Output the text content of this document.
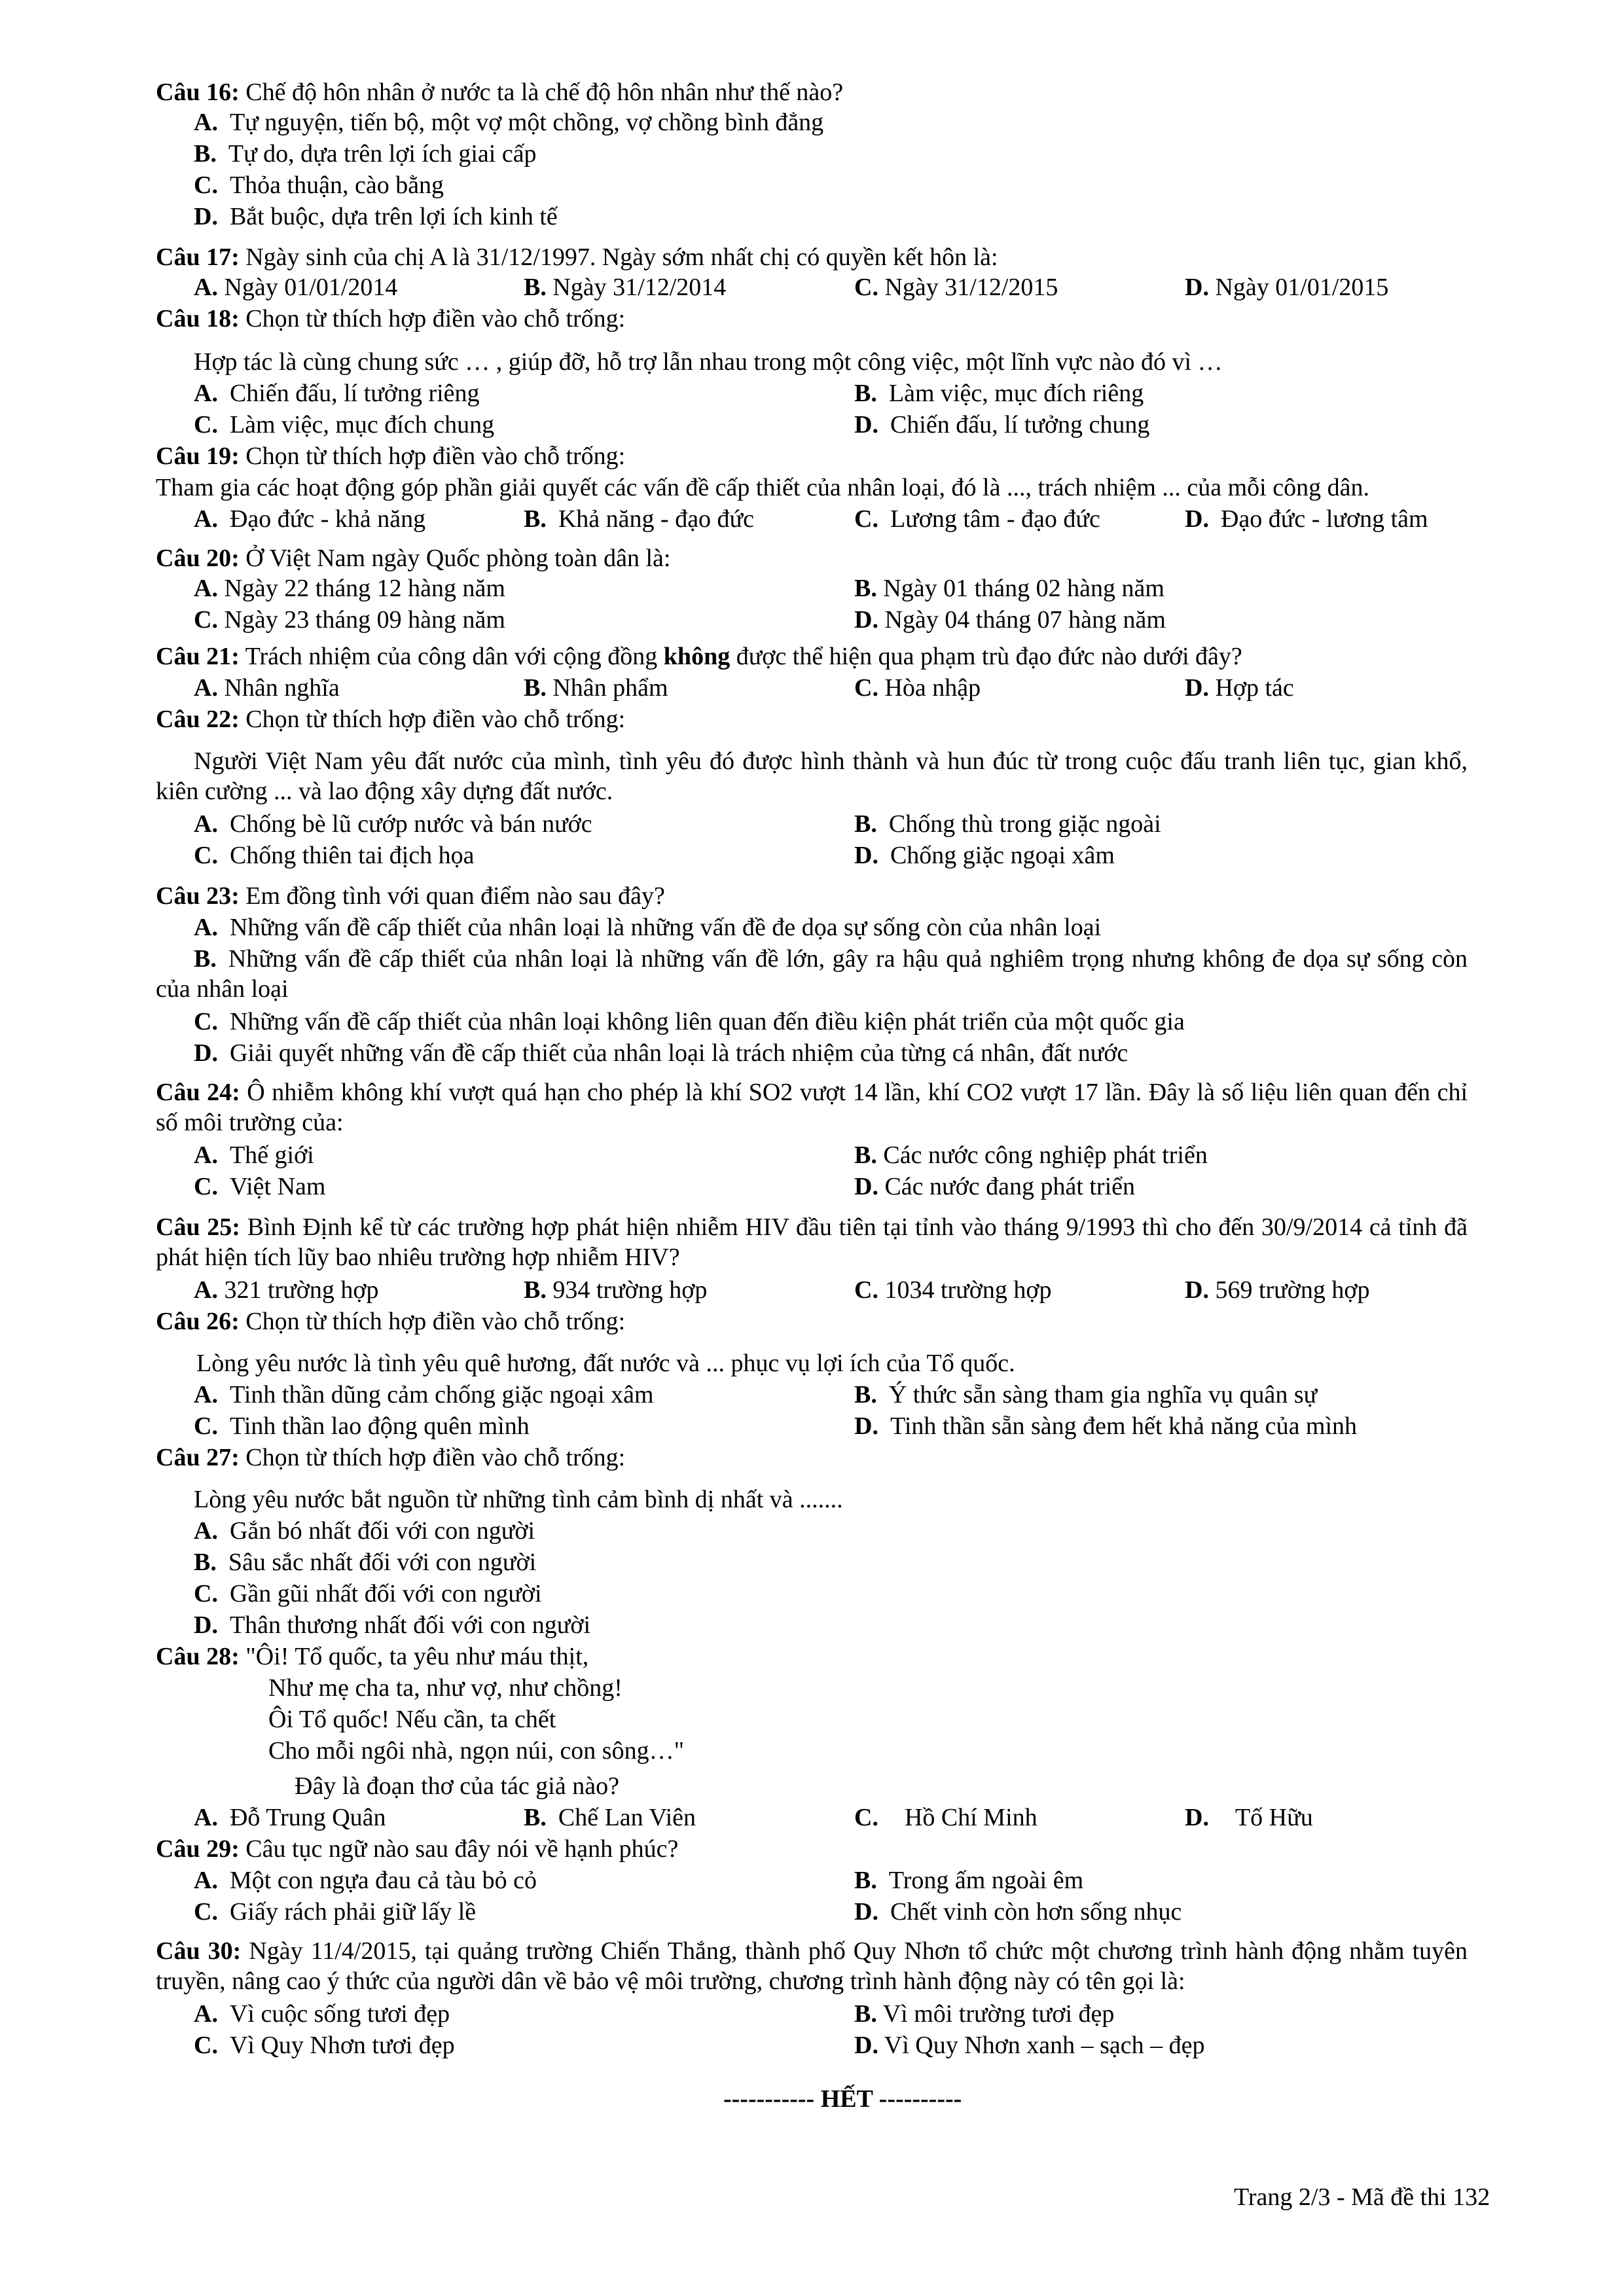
Câu 16: Chế độ hôn nhân ở nước ta là chế độ hôn nhân như thế nào?
A. Tự nguyện, tiến bộ, một vợ một chồng, vợ chồng bình đẳng
B. Tự do, dựa trên lợi ích giai cấp
C. Thỏa thuận, cào bằng
D. Bắt buộc, dựa trên lợi ích kinh tế
Câu 17: Ngày sinh của chị A là 31/12/1997. Ngày sớm nhất chị có quyền kết hôn là:
A. Ngày 01/01/2014	B. Ngày 31/12/2014	C. Ngày 31/12/2015	D. Ngày 01/01/2015
Câu 18: Chọn từ thích hợp điền vào chỗ trống:
Hợp tác là cùng chung sức … , giúp đỡ, hỗ trợ lẫn nhau trong một công việc, một lĩnh vực nào đó vì …
A. Chiến đấu, lí tưởng riêng	B. Làm việc, mục đích riêng
C. Làm việc, mục đích chung	D. Chiến đấu, lí tưởng chung
Câu 19: Chọn từ thích hợp điền vào chỗ trống:
Tham gia các hoạt động góp phần giải quyết các vấn đề cấp thiết của nhân loại, đó là ..., trách nhiệm ... của mỗi công dân.
A. Đạo đức - khả năng	B. Khả năng - đạo đức	C. Lương tâm - đạo đức	D. Đạo đức - lương tâm
Câu 20: Ở Việt Nam ngày Quốc phòng toàn dân là:
A. Ngày 22 tháng 12 hàng năm	B. Ngày 01 tháng 02 hàng năm
C. Ngày 23 tháng 09 hàng năm	D. Ngày 04 tháng 07 hàng năm
Câu 21: Trách nhiệm của công dân với cộng đồng không được thể hiện qua phạm trù đạo đức nào dưới đây?
A. Nhân nghĩa	B. Nhân phẩm	C. Hòa nhập	D. Hợp tác
Câu 22: Chọn từ thích hợp điền vào chỗ trống:
Người Việt Nam yêu đất nước của mình, tình yêu đó được hình thành và hun đúc từ trong cuộc đấu tranh liên tục, gian khổ, kiên cường ... và lao động xây dựng đất nước.
A. Chống bè lũ cướp nước và bán nước	B. Chống thù trong giặc ngoài
C. Chống thiên tai địch họa	D. Chống giặc ngoại xâm
Câu 23: Em đồng tình với quan điểm nào sau đây?
A. Những vấn đề cấp thiết của nhân loại là những vấn đề đe dọa sự sống còn của nhân loại
B. Những vấn đề cấp thiết của nhân loại là những vấn đề lớn, gây ra hậu quả nghiêm trọng nhưng không đe dọa sự sống còn của nhân loại
C. Những vấn đề cấp thiết của nhân loại không liên quan đến điều kiện phát triển của một quốc gia
D. Giải quyết những vấn đề cấp thiết của nhân loại là trách nhiệm của từng cá nhân, đất nước
Câu 24: Ô nhiễm không khí vượt quá hạn cho phép là khí SO2 vượt 14 lần, khí CO2 vượt 17 lần. Đây là số liệu liên quan đến chỉ số môi trường của:
A. Thế giới	B. Các nước công nghiệp phát triển
C. Việt Nam	D. Các nước đang phát triển
Câu 25: Bình Định kể từ các trường hợp phát hiện nhiễm HIV đầu tiên tại tỉnh vào tháng 9/1993 thì cho đến 30/9/2014 cả tỉnh đã phát hiện tích lũy bao nhiêu trường hợp nhiễm HIV?
A. 321 trường hợp	B. 934 trường hợp	C. 1034 trường hợp	D. 569 trường hợp
Câu 26: Chọn từ thích hợp điền vào chỗ trống:
Lòng yêu nước là tình yêu quê hương, đất nước và ... phục vụ lợi ích của Tổ quốc.
A. Tinh thần dũng cảm chống giặc ngoại xâm	B. Ý thức sẵn sàng tham gia nghĩa vụ quân sự
C. Tinh thần lao động quên mình	D. Tinh thần sẵn sàng đem hết khả năng của mình
Câu 27: Chọn từ thích hợp điền vào chỗ trống:
Lòng yêu nước bắt nguồn từ những tình cảm bình dị nhất và .......
A. Gắn bó nhất đối với con người
B. Sâu sắc nhất đối với con người
C. Gần gũi nhất đối với con người
D. Thân thương nhất đối với con người
Câu 28: "Ôi! Tổ quốc, ta yêu như máu thịt,
Như mẹ cha ta, như vợ, như chồng!
Ôi Tổ quốc! Nếu cần, ta chết
Cho mỗi ngôi nhà, ngọn núi, con sông…"
Đây là đoạn thơ của tác giả nào?
A. Đỗ Trung Quân	B. Chế Lan Viên	C. Hồ Chí Minh	D. Tố Hữu
Câu 29: Câu tục ngữ nào sau đây nói về hạnh phúc?
A. Một con ngựa đau cả tàu bỏ cỏ	B. Trong ấm ngoài êm
C. Giấy rách phải giữ lấy lề	D. Chết vinh còn hơn sống nhục
Câu 30: Ngày 11/4/2015, tại quảng trường Chiến Thắng, thành phố Quy Nhơn tổ chức một chương trình hành động nhằm tuyên truyền, nâng cao ý thức của người dân về bảo vệ môi trường, chương trình hành động này có tên gọi là:
A. Vì cuộc sống tươi đẹp	B. Vì môi trường tươi đẹp
C. Vì Quy Nhơn tươi đẹp	D. Vì Quy Nhơn xanh – sạch – đẹp
----------- HẾT ----------
Trang 2/3 - Mã đề thi 132
